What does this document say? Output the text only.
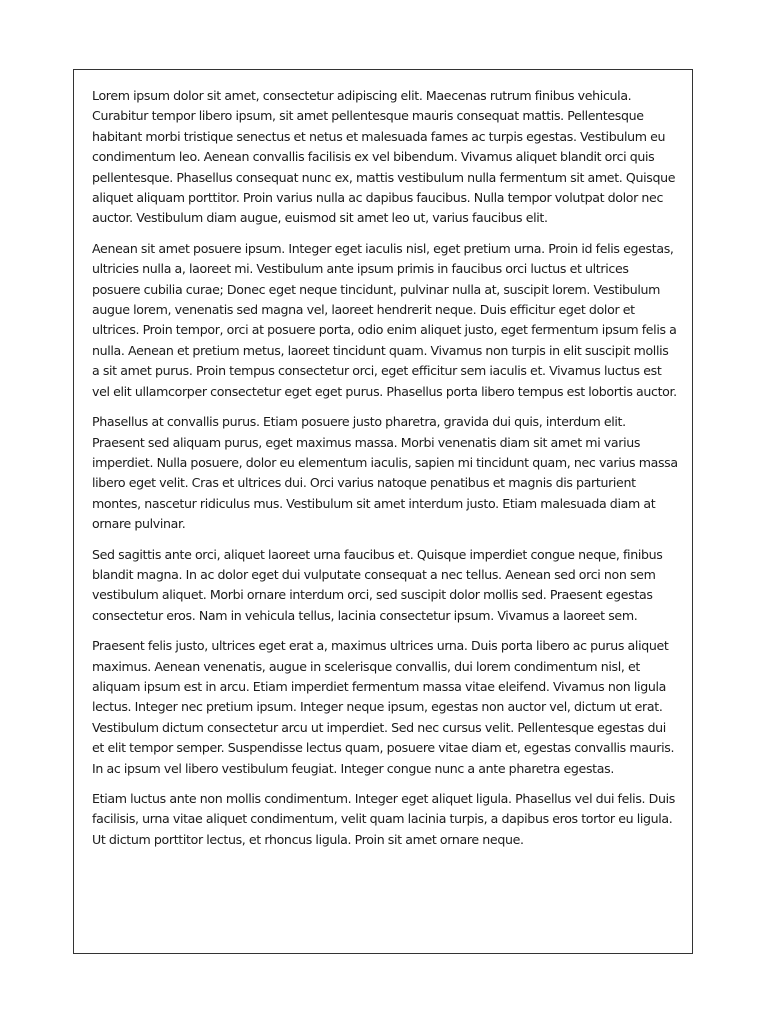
Lorem ipsum dolor sit amet, consectetur adipiscing elit. Maecenas rutrum finibus vehicula. Curabitur tempor libero ipsum, sit amet pellentesque mauris consequat mattis. Pellentesque habitant morbi tristique senectus et netus et malesuada fames ac turpis egestas. Vestibulum eu condimentum leo. Aenean convallis facilisis ex vel bibendum. Vivamus aliquet blandit orci quis pellentesque. Phasellus consequat nunc ex, mattis vestibulum nulla fermentum sit amet. Quisque aliquet aliquam porttitor. Proin varius nulla ac dapibus faucibus. Nulla tempor volutpat dolor nec auctor. Vestibulum diam augue, euismod sit amet leo ut, varius faucibus elit.

Aenean sit amet posuere ipsum. Integer eget iaculis nisl, eget pretium urna. Proin id felis egestas, ultricies nulla a, laoreet mi. Vestibulum ante ipsum primis in faucibus orci luctus et ultrices posuere cubilia curae; Donec eget neque tincidunt, pulvinar nulla at, suscipit lorem. Vestibulum augue lorem, venenatis sed magna vel, laoreet hendrerit neque. Duis efficitur eget dolor et ultrices. Proin tempor, orci at posuere porta, odio enim aliquet justo, eget fermentum ipsum felis a nulla. Aenean et pretium metus, laoreet tincidunt quam. Vivamus non turpis in elit suscipit mollis a sit amet purus. Proin tempus consectetur orci, eget efficitur sem iaculis et. Vivamus luctus est vel elit ullamcorper consectetur eget eget purus. Phasellus porta libero tempus est lobortis auctor.

Phasellus at convallis purus. Etiam posuere justo pharetra, gravida dui quis, interdum elit. Praesent sed aliquam purus, eget maximus massa. Morbi venenatis diam sit amet mi varius imperdiet. Nulla posuere, dolor eu elementum iaculis, sapien mi tincidunt quam, nec varius massa libero eget velit. Cras et ultrices dui. Orci varius natoque penatibus et magnis dis parturient montes, nascetur ridiculus mus. Vestibulum sit amet interdum justo. Etiam malesuada diam at ornare pulvinar.

Sed sagittis ante orci, aliquet laoreet urna faucibus et. Quisque imperdiet congue neque, finibus blandit magna. In ac dolor eget dui vulputate consequat a nec tellus. Aenean sed orci non sem vestibulum aliquet. Morbi ornare interdum orci, sed suscipit dolor mollis sed. Praesent egestas consectetur eros. Nam in vehicula tellus, lacinia consectetur ipsum. Vivamus a laoreet sem.

Praesent felis justo, ultrices eget erat a, maximus ultrices urna. Duis porta libero ac purus aliquet maximus. Aenean venenatis, augue in scelerisque convallis, dui lorem condimentum nisl, et aliquam ipsum est in arcu. Etiam imperdiet fermentum massa vitae eleifend. Vivamus non ligula lectus. Integer nec pretium ipsum. Integer neque ipsum, egestas non auctor vel, dictum ut erat. Vestibulum dictum consectetur arcu ut imperdiet. Sed nec cursus velit. Pellentesque egestas dui et elit tempor semper. Suspendisse lectus quam, posuere vitae diam et, egestas convallis mauris. In ac ipsum vel libero vestibulum feugiat. Integer congue nunc a ante pharetra egestas.

Etiam luctus ante non mollis condimentum. Integer eget aliquet ligula. Phasellus vel dui felis. Duis facilisis, urna vitae aliquet condimentum, velit quam lacinia turpis, a dapibus eros tortor eu ligula. Ut dictum porttitor lectus, et rhoncus ligula. Proin sit amet ornare neque.
